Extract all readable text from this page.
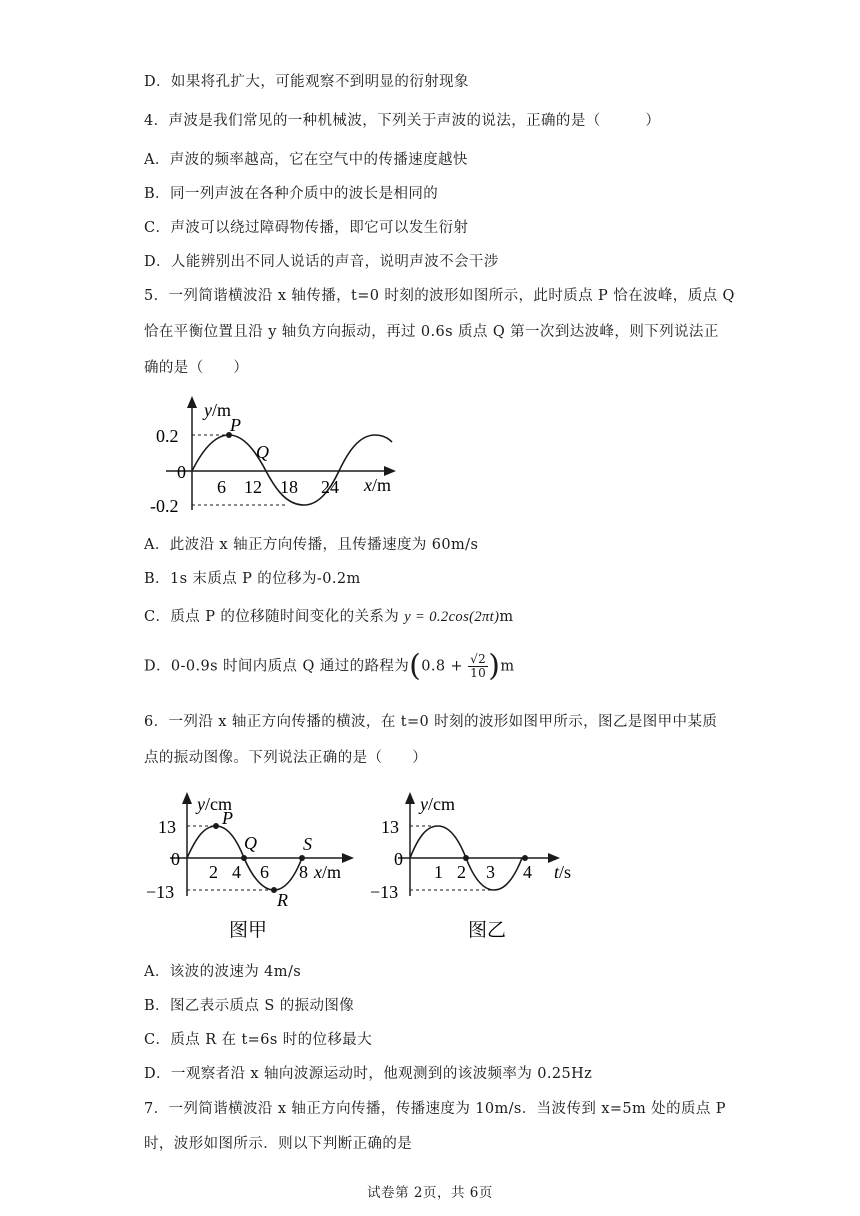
D．如果将孔扩大，可能观察不到明显的衍射现象
4．声波是我们常见的一种机械波，下列关于声波的说法，正确的是（　　　）
A．声波的频率越高，它在空气中的传播速度越快
B．同一列声波在各种介质中的波长是相同的
C．声波可以绕过障碍物传播，即它可以发生衍射
D．人能辨别出不同人说话的声音，说明声波不会干涉
5．一列简谐横波沿 x 轴传播，t=0 时刻的波形如图所示，此时质点 P 恰在波峰，质点 Q
恰在平衡位置且沿 y 轴负方向振动，再过 0.6s 质点 Q 第一次到达波峰，则下列说法正
确的是（　　）
P
Q
y/m
x/m
0.2
0
-0.2
6 12 18 24
A．此波沿 x 轴正方向传播，且传播速度为 60m/s
B．1s 末质点 P 的位移为-0.2m
C．质点 P 的位移随时间变化的关系为 y = 0.2cos(2πt)m
D．0-0.9s 时间内质点 Q 通过的路程为$(0.8 + \frac{√2}{10} )m$
6．一列沿 x 轴正方向传播的横波，在 t=0 时刻的波形如图甲所示，图乙是图甲中某质
点的振动图像。下列说法正确的是（　　）
P
Q
R
S
y/cm
x/m
13
0
−13
2 4 6 8
图甲
y/cm
t/s
13
0
−13
1 2 3 4
图乙
A．该波的波速为 4m/s
B．图乙表示质点 S 的振动图像
C．质点 R 在 t=6s 时的位移最大
D．一观察者沿 x 轴向波源运动时，他观测到的该波频率为 0.25Hz
7．一列简谐横波沿 x 轴正方向传播，传播速度为 10m/s．当波传到 x=5m 处的质点 P
时，波形如图所示．则以下判断正确的是
试卷第 2页，共 6页
